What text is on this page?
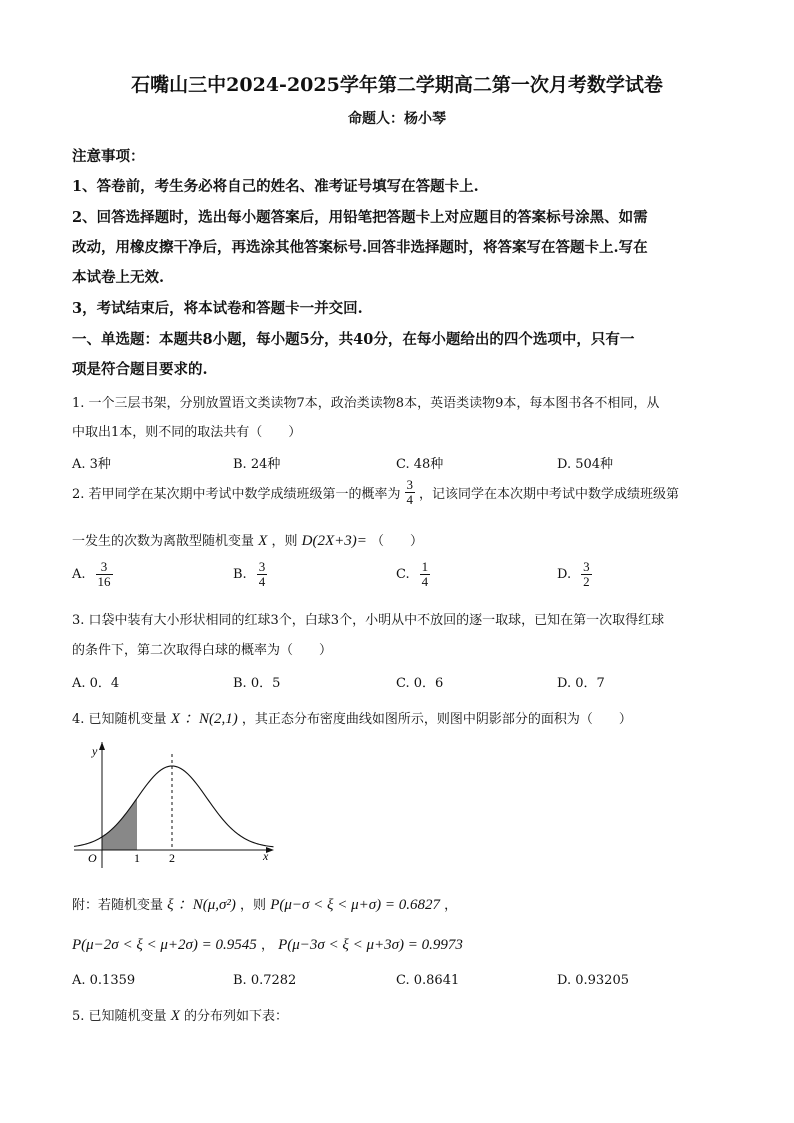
石嘴山三中2024-2025学年第二学期高二第一次月考数学试卷
命题人：杨小琴
注意事项：
1、答卷前，考生务必将自己的姓名、准考证号填写在答题卡上.
2、回答选择题时，选出每小题答案后，用铅笔把答题卡上对应题目的答案标号涂黑、如需
改动，用橡皮擦干净后，再选涂其他答案标号.回答非选择题时，将答案写在答题卡上.写在
本试卷上无效.
3，考试结束后，将本试卷和答题卡一并交回.
一、单选题：本题共8小题，每小题5分，共40分，在每小题给出的四个选项中，只有一
项是符合题目要求的.
1. 一个三层书架，分别放置语文类读物7本，政治类读物8本，英语类读物9本，每本图书各不相同，从
中取出1本，则不同的取法共有（　　）
A. 3种	B. 24种	C. 48种	D. 504种
2. 若甲同学在某次期中考试中数学成绩班级第一的概率为 $\frac{3}{4}$ ，记该同学在本次期中考试中数学成绩班级第
一发生的次数为离散型随机变量 X ，则 D(2X+3)= （　　）
A. $\frac{3}{16}$	B. $\frac{3}{4}$	C. $\frac{1}{4}$	D. $\frac{3}{2}$
3. 口袋中装有大小形状相同的红球3个，白球3个，小明从中不放回的逐一取球，已知在第一次取得红球
的条件下，第二次取得白球的概率为（　　）
A. 0．4	B. 0．5	C. 0．6	D. 0．7
4. 已知随机变量 X ：N(2,1) ，其正态分布密度曲线如图所示，则图中阴影部分的面积为（　　）
y
x
O	1 2
附：若随机变量 ξ ：N(μ,σ²) ，则 P(μ−σ < ξ < μ+σ) = 0.6827 ，
P(μ−2σ < ξ < μ+2σ) = 0.9545 ， P(μ−3σ < ξ < μ+3σ) = 0.9973
A. 0.1359	B. 0.7282	C. 0.8641	D. 0.93205
5. 已知随机变量 X 的分布列如下表：
